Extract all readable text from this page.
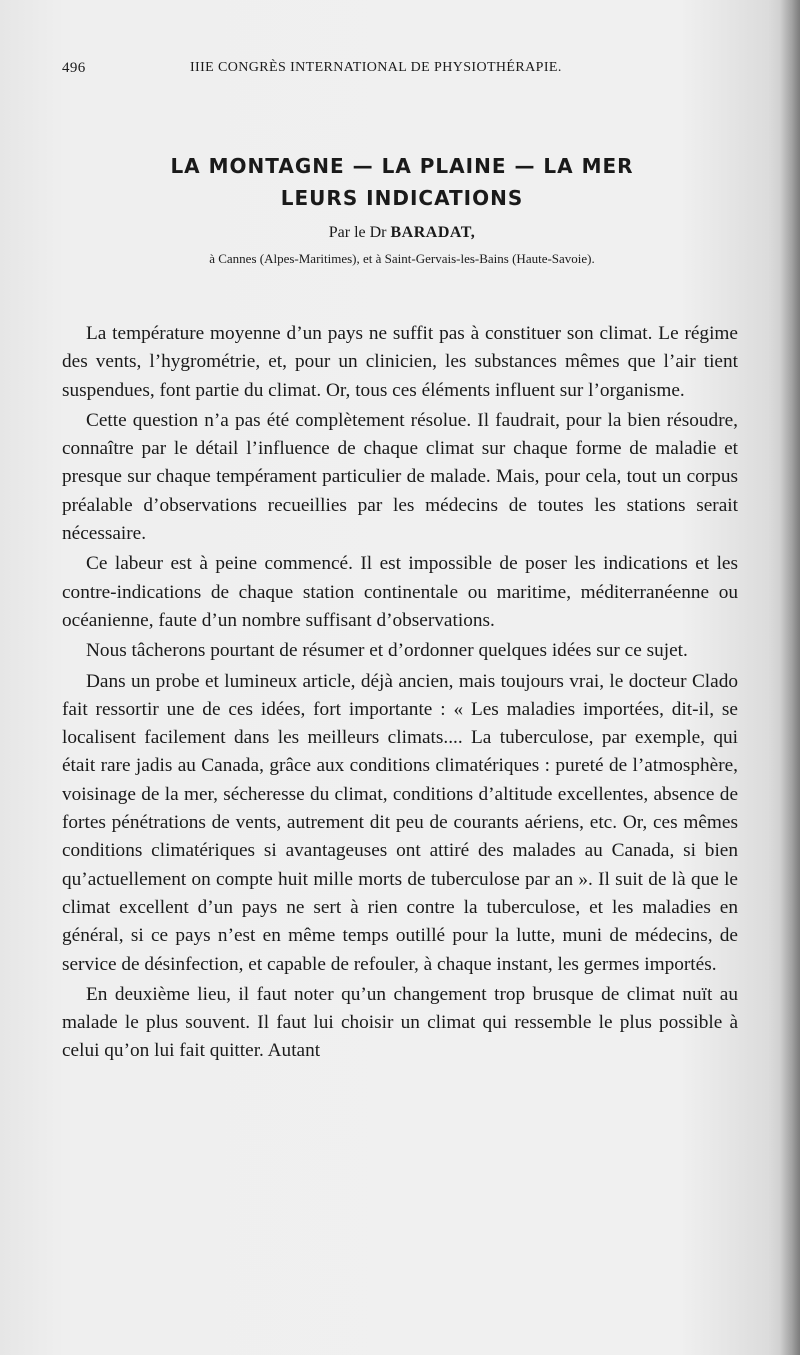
496	IIIE CONGRÈS INTERNATIONAL DE PHYSIOTHÉRAPIE.
LA MONTAGNE — LA PLAINE — LA MER
LEURS INDICATIONS
Par le Dr BARADAT,
à Cannes (Alpes-Maritimes), et à Saint-Gervais-les-Bains (Haute-Savoie).

La température moyenne d’un pays ne suffit pas à constituer son climat. Le régime des vents, l’hygrométrie, et, pour un clinicien, les substances mêmes que l’air tient suspendues, font partie du climat. Or, tous ces éléments influent sur l’organisme.

Cette question n’a pas été complètement résolue. Il faudrait, pour la bien résoudre, connaître par le détail l’influence de chaque climat sur chaque forme de maladie et presque sur chaque tempérament particulier de malade. Mais, pour cela, tout un corpus préalable d’observations recueillies par les médecins de toutes les stations serait nécessaire.

Ce labeur est à peine commencé. Il est impossible de poser les indications et les contre-indications de chaque station continentale ou maritime, méditerranéenne ou océanienne, faute d’un nombre suffisant d’observations.

Nous tâcherons pourtant de résumer et d’ordonner quelques idées sur ce sujet.

Dans un probe et lumineux article, déjà ancien, mais toujours vrai, le docteur Clado fait ressortir une de ces idées, fort importante : « Les maladies importées, dit-il, se localisent facilement dans les meilleurs climats.... La tuberculose, par exemple, qui était rare jadis au Canada, grâce aux conditions climatériques : pureté de l’atmosphère, voisinage de la mer, sécheresse du climat, conditions d’altitude excellentes, absence de fortes pénétrations de vents, autrement dit peu de courants aériens, etc. Or, ces mêmes conditions climatériques si avantageuses ont attiré des malades au Canada, si bien qu’actuellement on compte huit mille morts de tuberculose par an ». Il suit de là que le climat excellent d’un pays ne sert à rien contre la tuberculose, et les maladies en général, si ce pays n’est en même temps outillé pour la lutte, muni de médecins, de service de désinfection, et capable de refouler, à chaque instant, les germes importés.

En deuxième lieu, il faut noter qu’un changement trop brusque de climat nuït au malade le plus souvent. Il faut lui choisir un climat qui ressemble le plus possible à celui qu’on lui fait quitter. Autant
